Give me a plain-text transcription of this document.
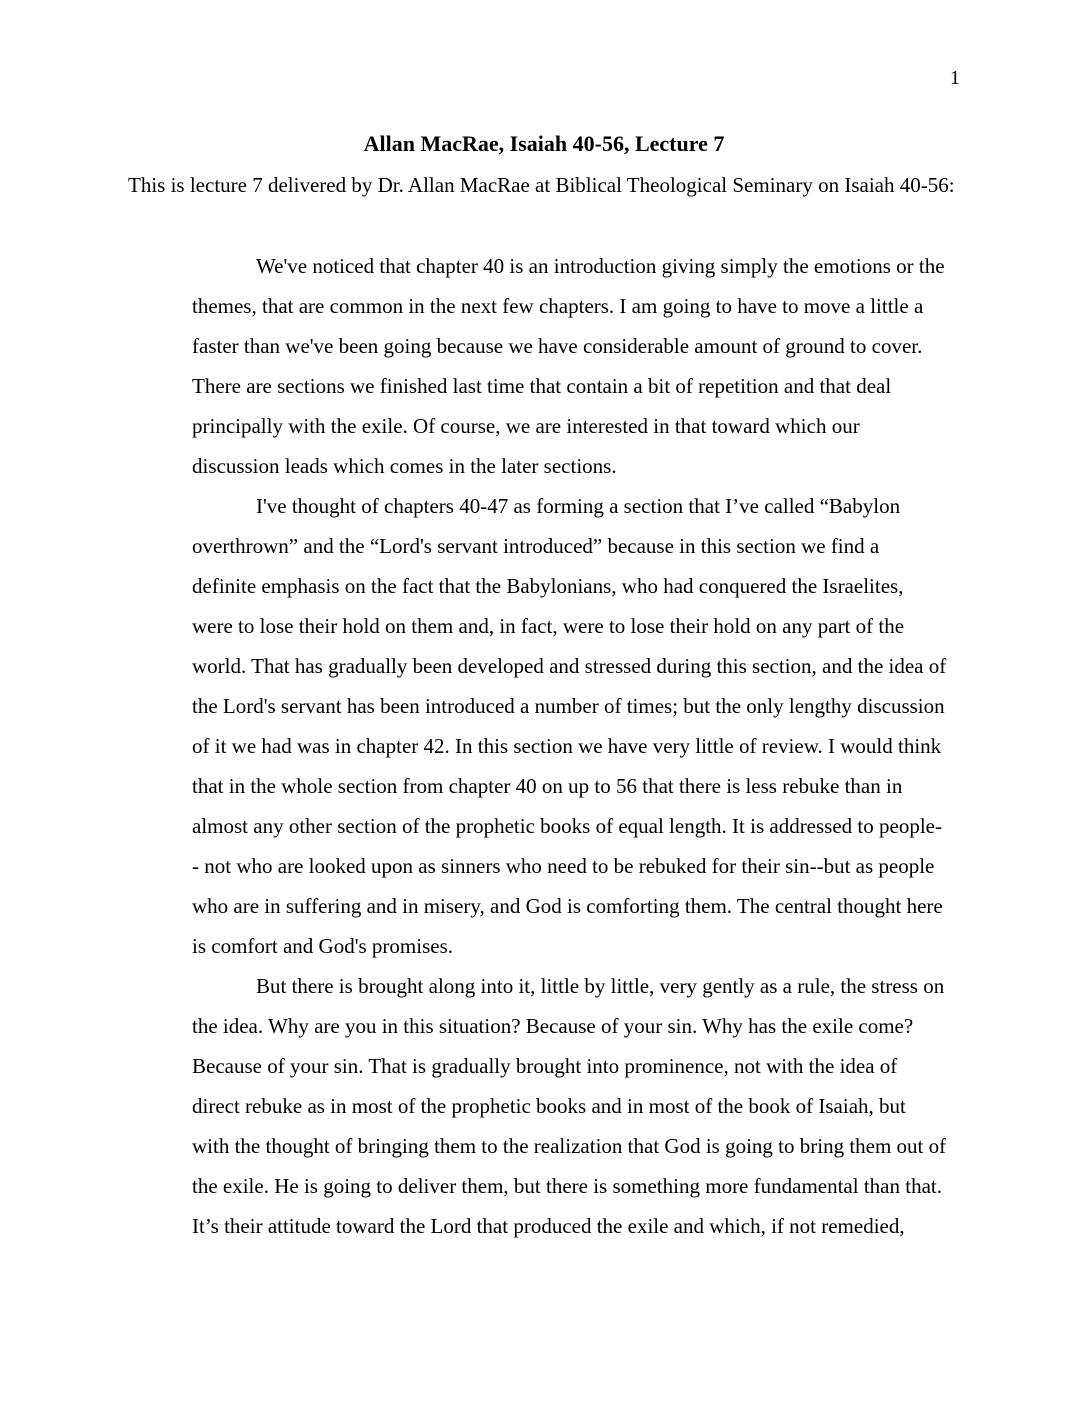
1
Allan MacRae, Isaiah 40-56, Lecture 7

This is lecture 7 delivered by Dr. Allan MacRae at Biblical Theological Seminary on Isaiah 40-56:

We've noticed that chapter 40 is an introduction giving simply the emotions or the
themes, that are common in the next few chapters. I am going to have to move a little a
faster than we've been going because we have considerable amount of ground to cover.
There are sections we finished last time that contain a bit of repetition and that deal
principally with the exile. Of course, we are interested in that toward which our
discussion leads which comes in the later sections.

I've thought of chapters 40-47 as forming a section that I’ve called “Babylon
overthrown” and the “Lord's servant introduced” because in this section we find a
definite emphasis on the fact that the Babylonians, who had conquered the Israelites,
were to lose their hold on them and, in fact, were to lose their hold on any part of the
world. That has gradually been developed and stressed during this section, and the idea of
the Lord's servant has been introduced a number of times; but the only lengthy discussion
of it we had was in chapter 42. In this section we have very little of review. I would think
that in the whole section from chapter 40 on up to 56 that there is less rebuke than in
almost any other section of the prophetic books of equal length. It is addressed to people-
- not who are looked upon as sinners who need to be rebuked for their sin--but as people
who are in suffering and in misery, and God is comforting them. The central thought here
is comfort and God's promises.

But there is brought along into it, little by little, very gently as a rule, the stress on
the idea. Why are you in this situation? Because of your sin. Why has the exile come?
Because of your sin. That is gradually brought into prominence, not with the idea of
direct rebuke as in most of the prophetic books and in most of the book of Isaiah, but
with the thought of bringing them to the realization that God is going to bring them out of
the exile. He is going to deliver them, but there is something more fundamental than that.
It’s their attitude toward the Lord that produced the exile and which, if not remedied,
